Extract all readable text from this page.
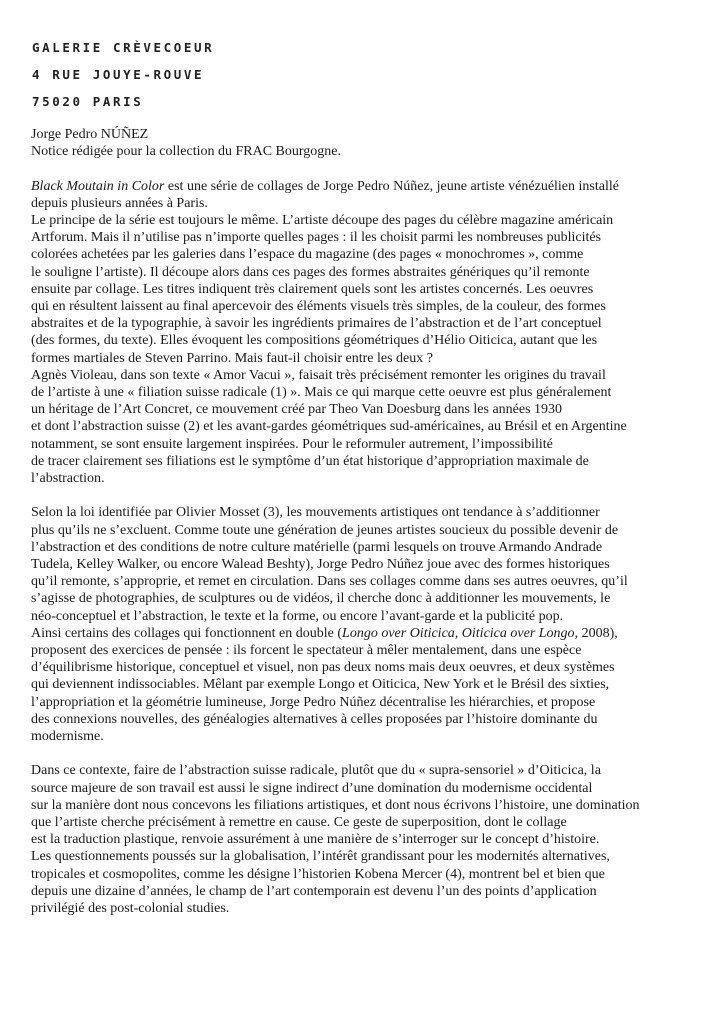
GALERIE CRÈVECOEUR
4 RUE JOUYE-ROUVE
75020 PARIS
Jorge Pedro NÚÑEZ
Notice rédigée pour la collection du FRAC Bourgogne.
Black Moutain in Color est une série de collages de Jorge Pedro Núñez, jeune artiste vénézuélien installé
depuis plusieurs années à Paris.
Le principe de la série est toujours le même. L’artiste découpe des pages du célèbre magazine américain
Artforum. Mais il n’utilise pas n’importe quelles pages : il les choisit parmi les nombreuses publicités
colorées achetées par les galeries dans l’espace du magazine (des pages « monochromes », comme
le souligne l’artiste). Il découpe alors dans ces pages des formes abstraites génériques qu’il remonte
ensuite par collage. Les titres indiquent très clairement quels sont les artistes concernés. Les oeuvres
qui en résultent laissent au final apercevoir des éléments visuels très simples, de la couleur, des formes
abstraites et de la typographie, à savoir les ingrédients primaires de l’abstraction et de l’art conceptuel
(des formes, du texte). Elles évoquent les compositions géométriques d’Hélio Oiticica, autant que les
formes martiales de Steven Parrino. Mais faut-il choisir entre les deux ?
Agnès Violeau, dans son texte « Amor Vacui », faisait très précisément remonter les origines du travail
de l’artiste à une « filiation suisse radicale (1) ». Mais ce qui marque cette oeuvre est plus généralement
un héritage de l’Art Concret, ce mouvement créé par Theo Van Doesburg dans les années 1930
et dont l’abstraction suisse (2) et les avant-gardes géométriques sud-américaines, au Brésil et en Argentine
notamment, se sont ensuite largement inspirées. Pour le reformuler autrement, l’impossibilité
de tracer clairement ses filiations est le symptôme d’un état historique d’appropriation maximale de
l’abstraction.
Selon la loi identifiée par Olivier Mosset (3), les mouvements artistiques ont tendance à s’additionner
plus qu’ils ne s’excluent. Comme toute une génération de jeunes artistes soucieux du possible devenir de
l’abstraction et des conditions de notre culture matérielle (parmi lesquels on trouve Armando Andrade
Tudela, Kelley Walker, ou encore Walead Beshty), Jorge Pedro Núñez joue avec des formes historiques
qu’il remonte, s’approprie, et remet en circulation. Dans ses collages comme dans ses autres oeuvres, qu’il
s’agisse de photographies, de sculptures ou de vidéos, il cherche donc à additionner les mouvements, le
néo-conceptuel et l’abstraction, le texte et la forme, ou encore l’avant-garde et la publicité pop.
Ainsi certains des collages qui fonctionnent en double (Longo over Oiticica, Oiticica over Longo, 2008),
proposent des exercices de pensée : ils forcent le spectateur à mêler mentalement, dans une espèce
d’équilibrisme historique, conceptuel et visuel, non pas deux noms mais deux oeuvres, et deux systèmes
qui deviennent indissociables. Mêlant par exemple Longo et Oiticica, New York et le Brésil des sixties,
l’appropriation et la géométrie lumineuse, Jorge Pedro Núñez décentralise les hiérarchies, et propose
des connexions nouvelles, des généalogies alternatives à celles proposées par l’histoire dominante du
modernisme.
Dans ce contexte, faire de l’abstraction suisse radicale, plutôt que du « supra-sensoriel » d’Oiticica, la
source majeure de son travail est aussi le signe indirect d’une domination du modernisme occidental
sur la manière dont nous concevons les filiations artistiques, et dont nous écrivons l’histoire, une domination
que l’artiste cherche précisément à remettre en cause. Ce geste de superposition, dont le collage
est la traduction plastique, renvoie assurément à une manière de s’interroger sur le concept d’histoire.
Les questionnements poussés sur la globalisation, l’intérêt grandissant pour les modernités alternatives,
tropicales et cosmopolites, comme les désigne l’historien Kobena Mercer (4), montrent bel et bien que
depuis une dizaine d’années, le champ de l’art contemporain est devenu l’un des points d’application
privilégié des post-colonial studies.
